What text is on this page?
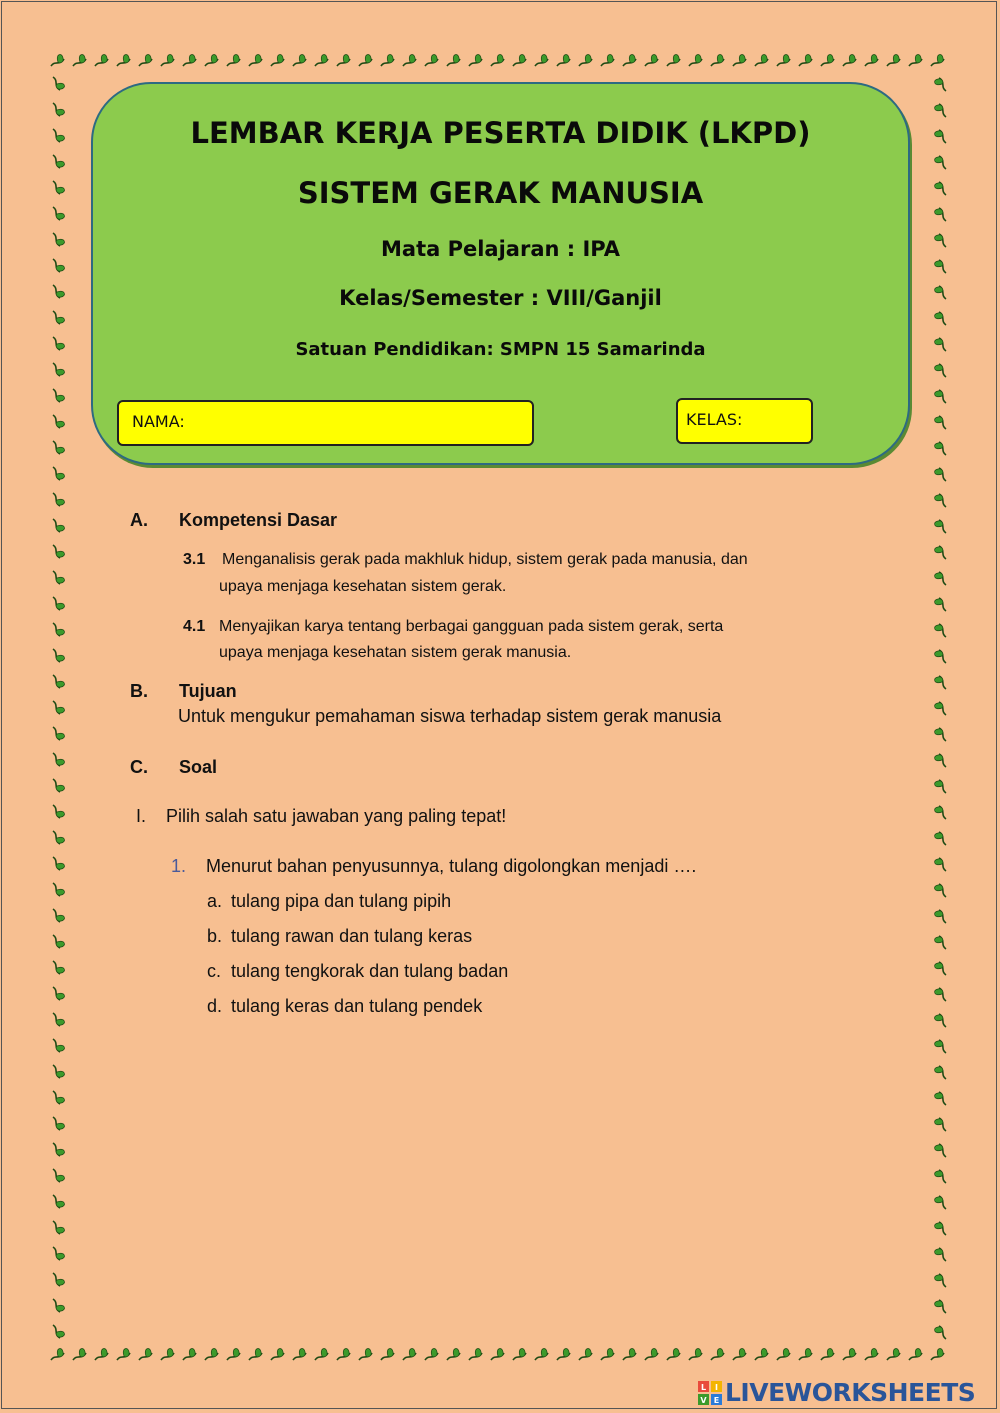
LEMBAR KERJA PESERTA DIDIK (LKPD)
SISTEM GERAK MANUSIA
Mata Pelajaran : IPA
Kelas/Semester : VIII/Ganjil
Satuan Pendidikan: SMPN 15 Samarinda
NAMA:	KELAS:
A. Kompetensi Dasar
3.1 Menganalisis gerak pada makhluk hidup, sistem gerak pada manusia, dan
upaya menjaga kesehatan sistem gerak.
4.1 Menyajikan karya tentang berbagai gangguan pada sistem gerak, serta
upaya menjaga kesehatan sistem gerak manusia.
B. Tujuan
Untuk mengukur pemahaman siswa terhadap sistem gerak manusia
C. Soal
I. Pilih salah satu jawaban yang paling tepat!
1. Menurut bahan penyusunnya, tulang digolongkan menjadi ….
a. tulang pipa dan tulang pipih
b. tulang rawan dan tulang keras
c. tulang tengkorak dan tulang badan
d. tulang keras dan tulang pendek
L I
V E LIVEWORKSHEETS
